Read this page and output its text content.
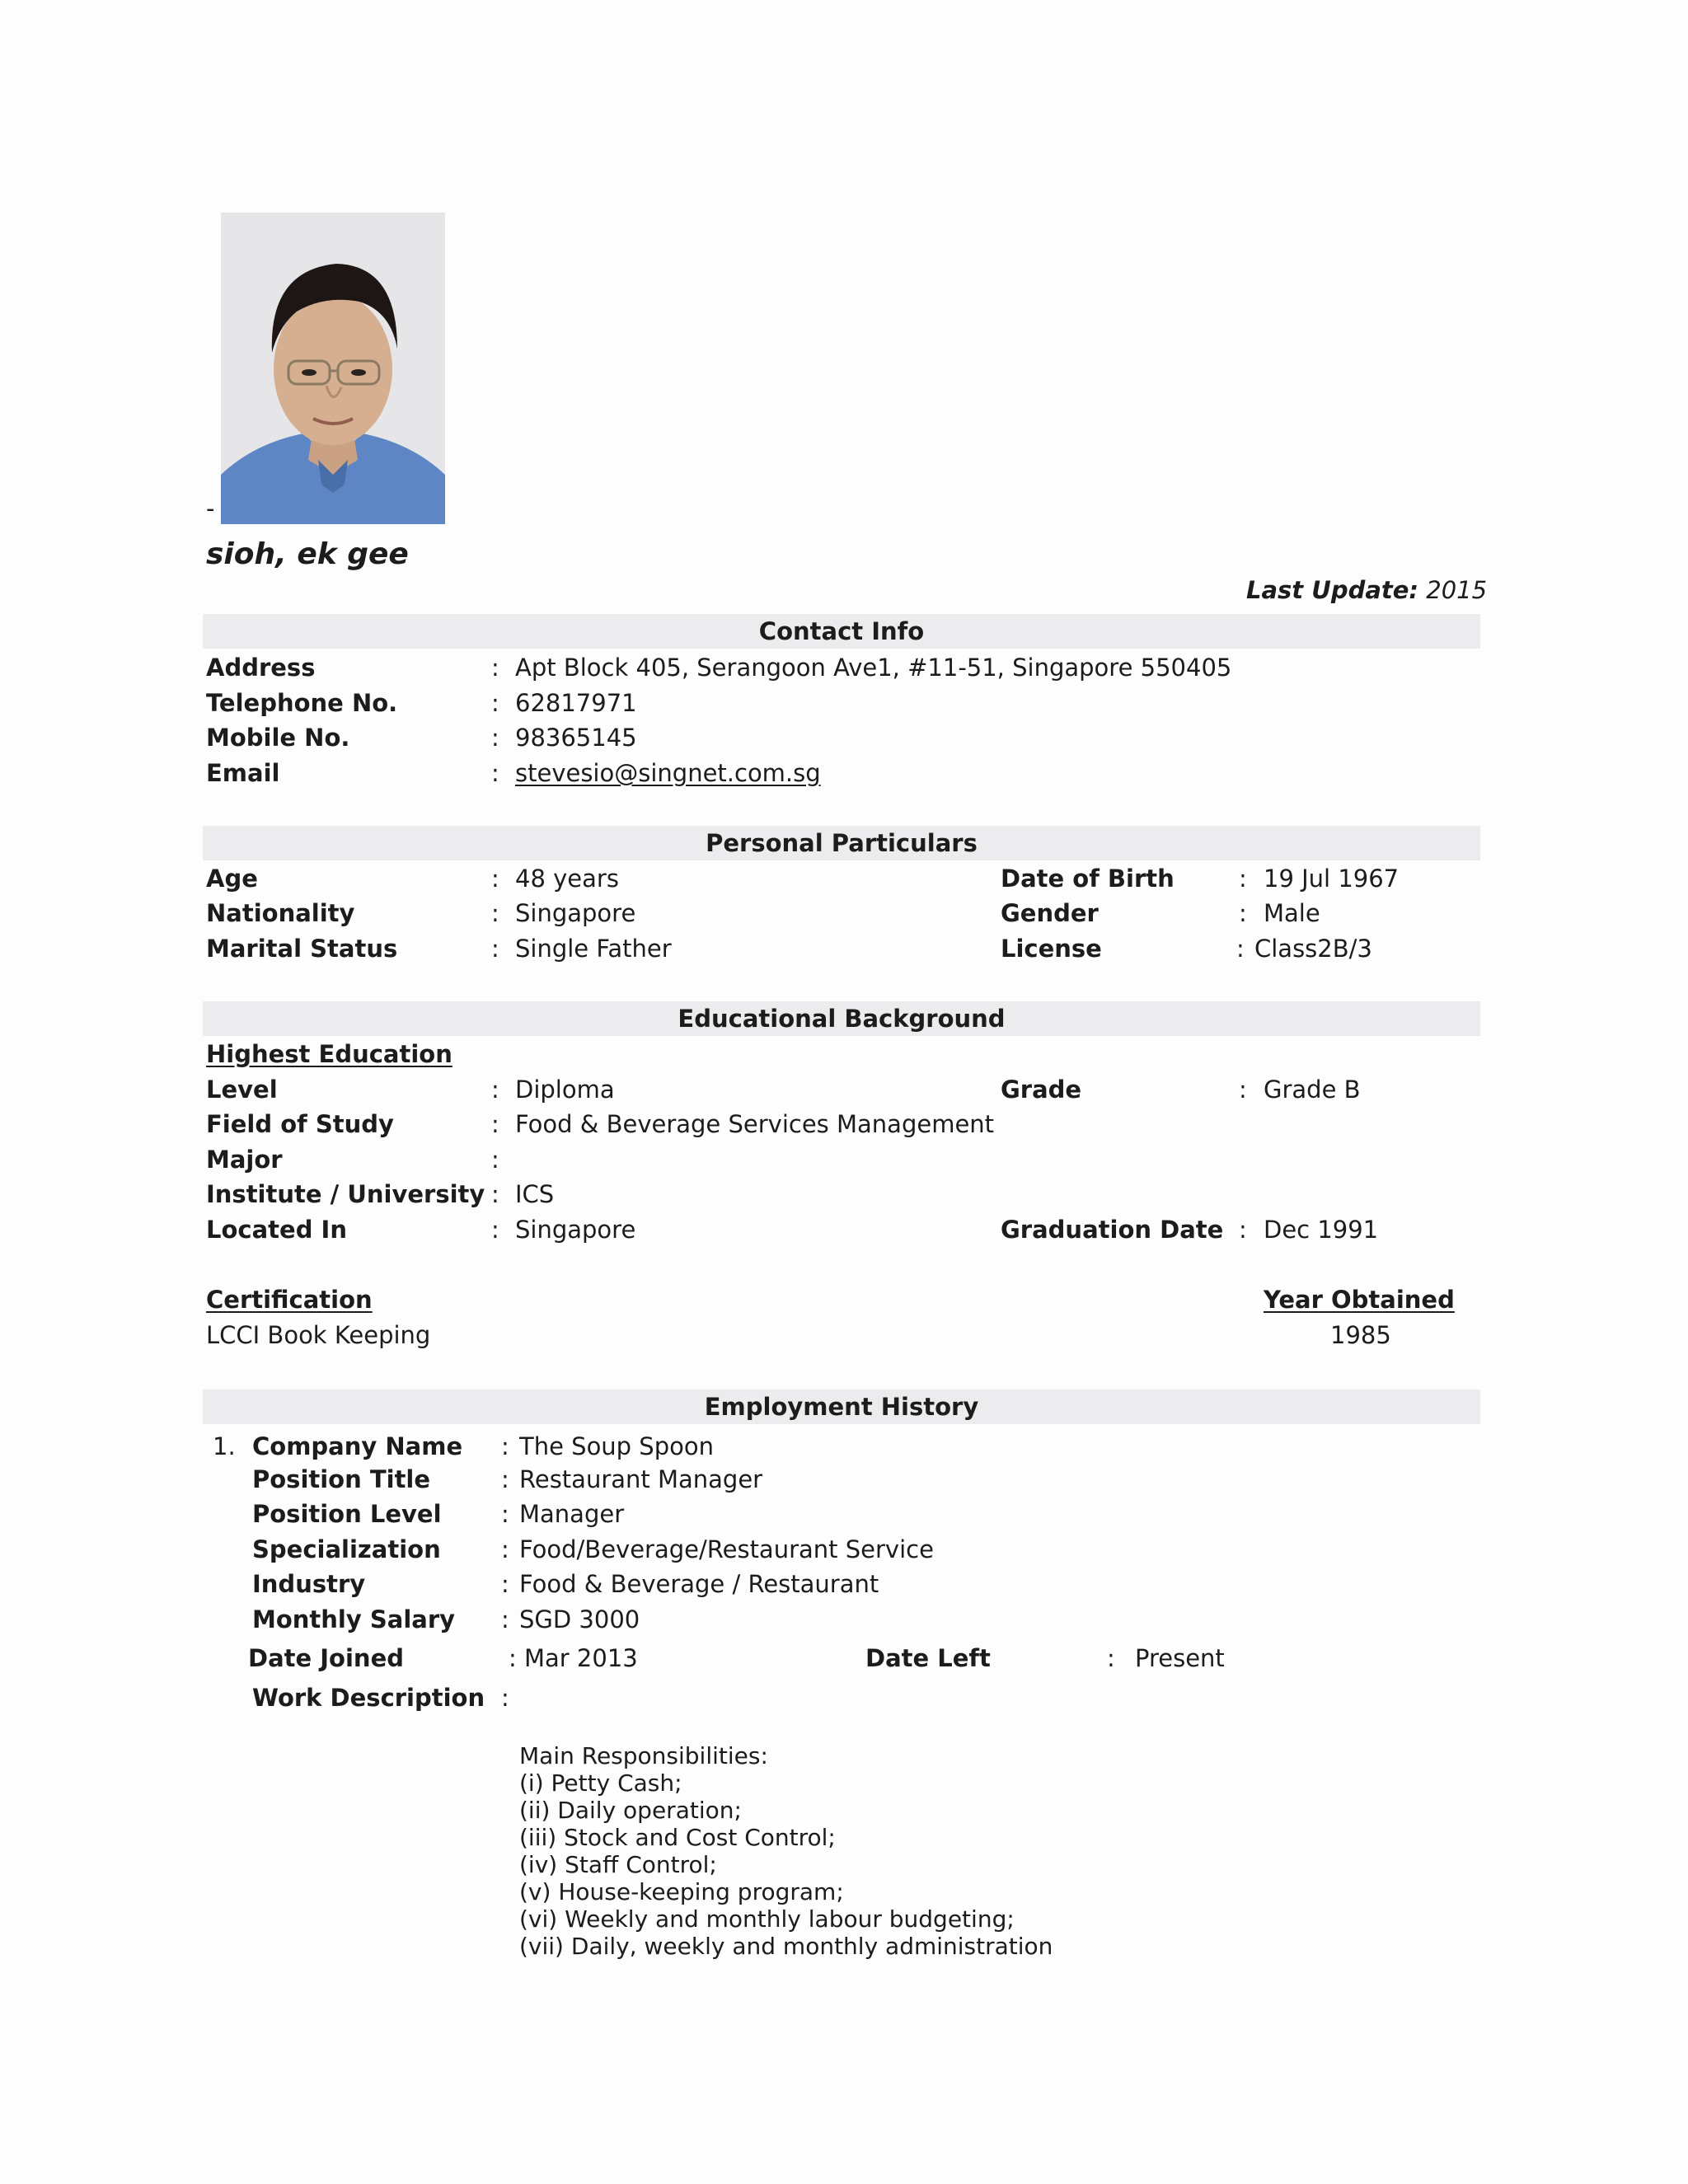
-
sioh, ek gee
Last Update: 2015
Contact Info
Address	: Apt Block 405, Serangoon Ave1, #11-51, Singapore 550405
Telephone No.	: 62817971
Mobile No.	: 98365145
Email	: stevesio@singnet.com.sg
Personal Particulars
Age	: 48 years	Date of Birth	: 19 Jul 1967
Nationality	: Singapore	Gender	: Male
Marital Status	: Single Father	License	: Class2B/3
Educational Background
Highest Education
Level	: Diploma	Grade	: Grade B
Field of Study	: Food & Beverage Services Management
Major	:
Institute / University : ICS
Located In	: Singapore	Graduation Date : Dec 1991
Certification	Year Obtained
LCCI Book Keeping	1985
Employment History
1. Company Name : The Soup Spoon
Position Title	: Restaurant Manager
Position Level : Manager
Specialization	: Food/Beverage/Restaurant Service
Industry	: Food & Beverage / Restaurant
Monthly Salary : SGD 3000
Date Joined	: Mar 2013	Date Left	: Present
Work Description :
Main Responsibilities:
(i) Petty Cash;
(ii) Daily operation;
(iii) Stock and Cost Control;
(iv) Staff Control;
(v) House-keeping program;
(vi) Weekly and monthly labour budgeting;
(vii) Daily, weekly and monthly administration
